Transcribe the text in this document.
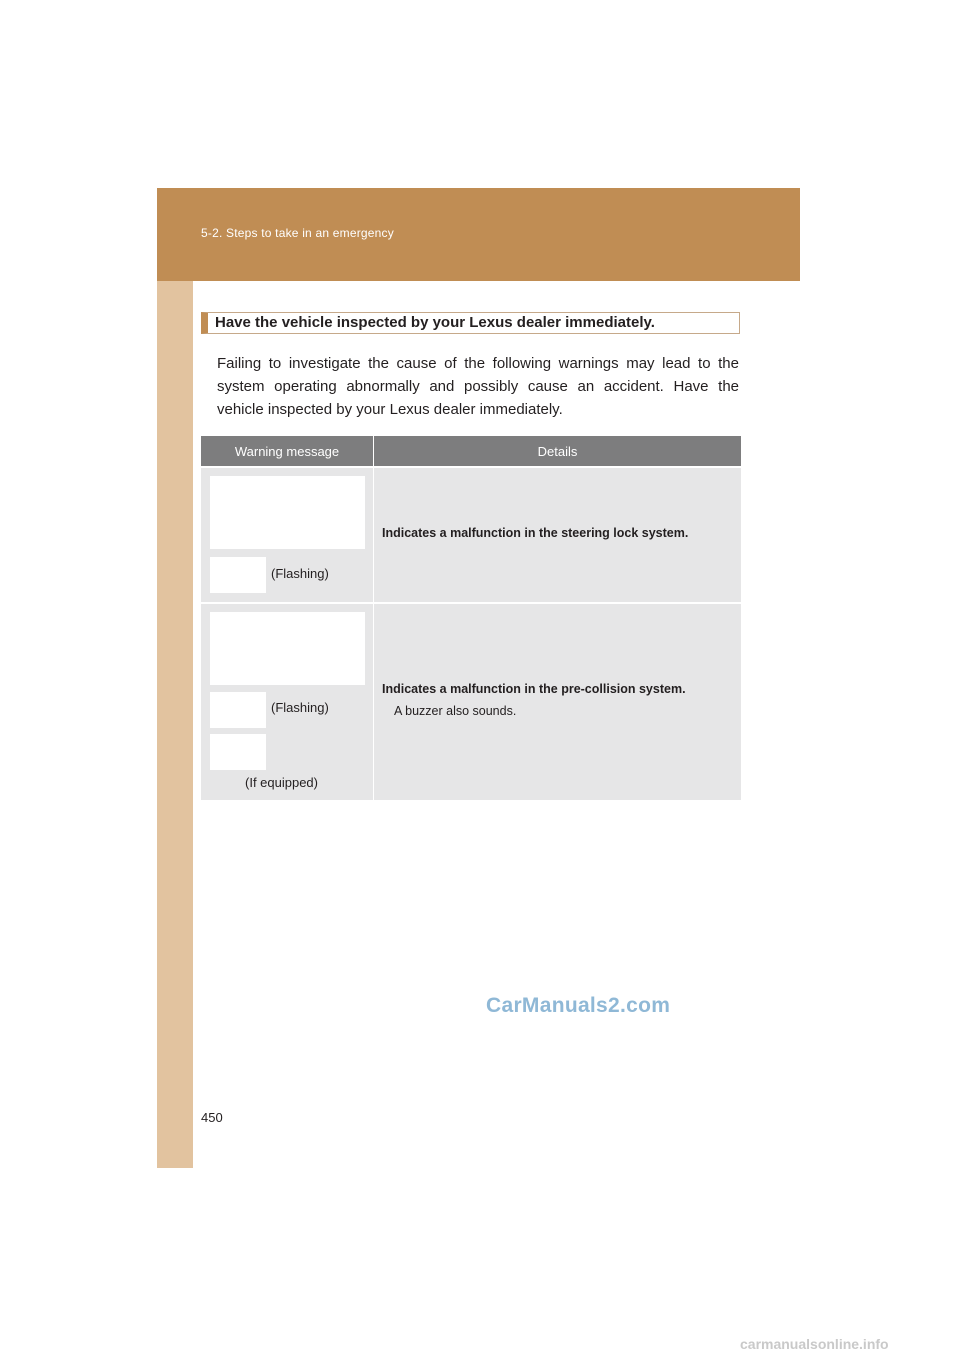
5-2. Steps to take in an emergency
Have the vehicle inspected by your Lexus dealer immediately.
Failing to investigate the cause of the following warnings may lead to the system operating abnormally and possibly cause an accident. Have the vehicle inspected by your Lexus dealer immediately.
Warning message	Details
(Flashing)
Indicates a malfunction in the steering lock system.
(Flashing)
(If equipped)
Indicates a malfunction in the pre-collision system.
A buzzer also sounds.
CarManuals2.com
450
carmanualsonline.info
